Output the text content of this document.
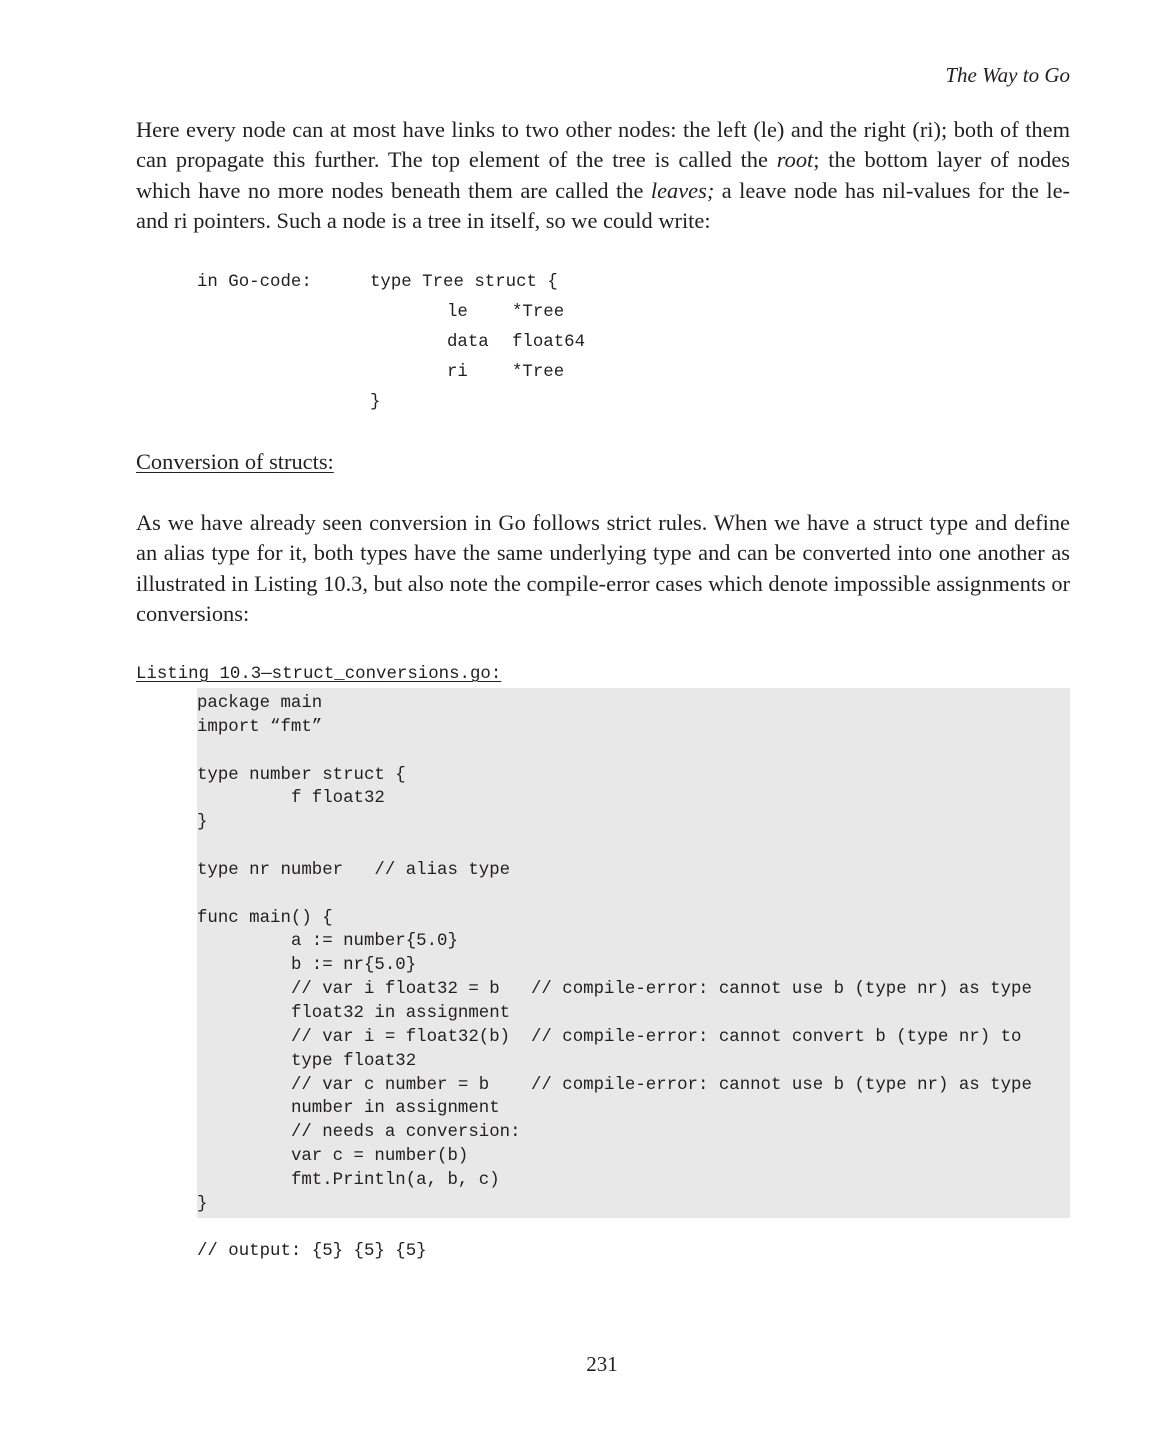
The Way to Go

Here every node can at most have links to two other nodes: the left (le) and the right (ri); both of them can propagate this further. The top element of the tree is called the root; the bottom layer of nodes which have no more nodes beneath them are called the leaves; a leave node has nil-values for the le- and ri pointers. Such a node is a tree in itself, so we could write:

in Go-code:	type Tree struct {
le	*Tree
data float64
ri	*Tree
}
Conversion of structs:

As we have already seen conversion in Go follows strict rules. When we have a struct type and define an alias type for it, both types have the same underlying type and can be converted into one another as illustrated in Listing 10.3, but also note the compile-error cases which denote impossible assignments or conversions:

Listing 10.3—struct_conversions.go:
package main
import “fmt”
type number struct {
	f float32
}
type nr number   // alias type
func main() {
	a := number{5.0}
	b := nr{5.0}
	// var i float32 = b   // compile-error: cannot use b (type nr) as type
	float32 in assignment
	// var i = float32(b)  // compile-error: cannot convert b (type nr) to
	type float32
	// var c number = b    // compile-error: cannot use b (type nr) as type
	number in assignment
	// needs a conversion:
	var c = number(b)
	fmt.Println(a, b, c)
}
// output: {5} {5} {5}
231
